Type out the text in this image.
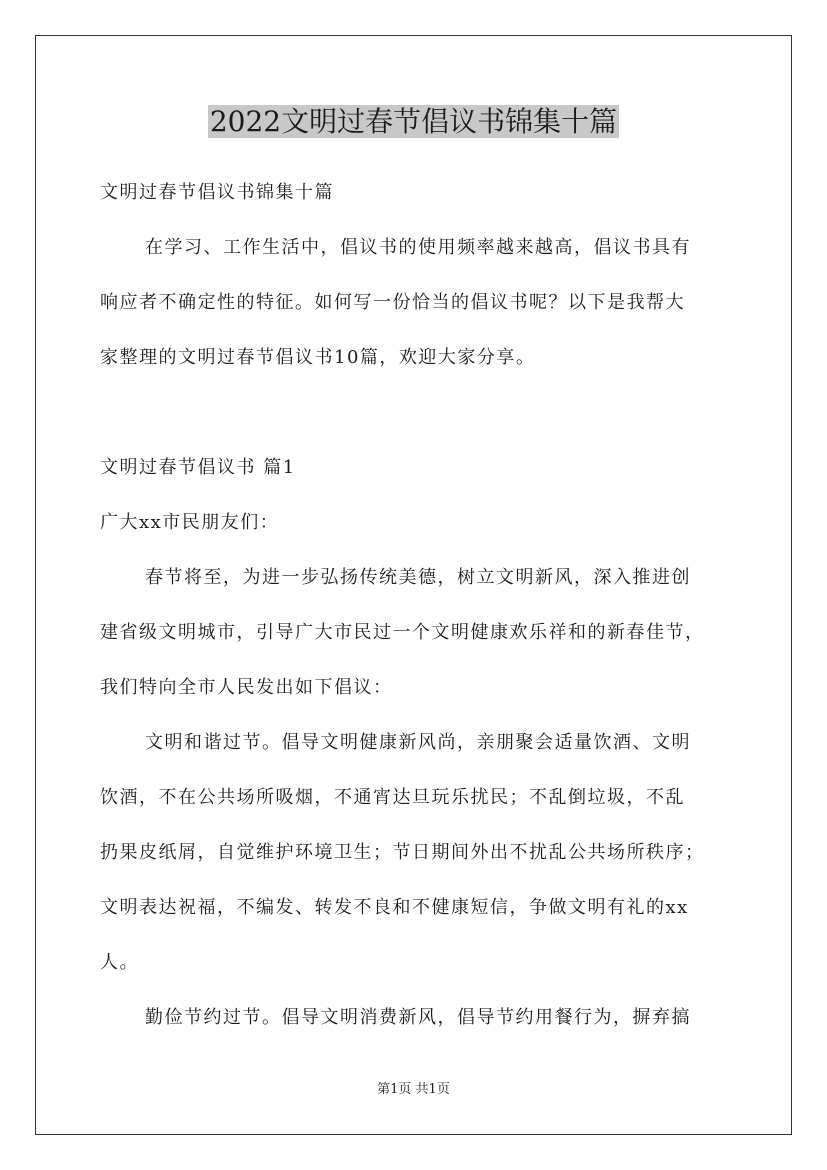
2022文明过春节倡议书锦集十篇

文明过春节倡议书锦集十篇

在学习、工作生活中，倡议书的使用频率越来越高，倡议书具有

响应者不确定性的特征。如何写一份恰当的倡议书呢？以下是我帮大

家整理的文明过春节倡议书10篇，欢迎大家分享。

文明过春节倡议书 篇1

广大xx市民朋友们：

春节将至，为进一步弘扬传统美德，树立文明新风，深入推进创

建省级文明城市，引导广大市民过一个文明健康欢乐祥和的新春佳节，

我们特向全市人民发出如下倡议：

文明和谐过节。倡导文明健康新风尚，亲朋聚会适量饮酒、文明

饮酒，不在公共场所吸烟，不通宵达旦玩乐扰民；不乱倒垃圾，不乱

扔果皮纸屑，自觉维护环境卫生；节日期间外出不扰乱公共场所秩序；

文明表达祝福，不编发、转发不良和不健康短信，争做文明有礼的xx

人。

勤俭节约过节。倡导文明消费新风，倡导节约用餐行为，摒弃搞

第1页 共1页
